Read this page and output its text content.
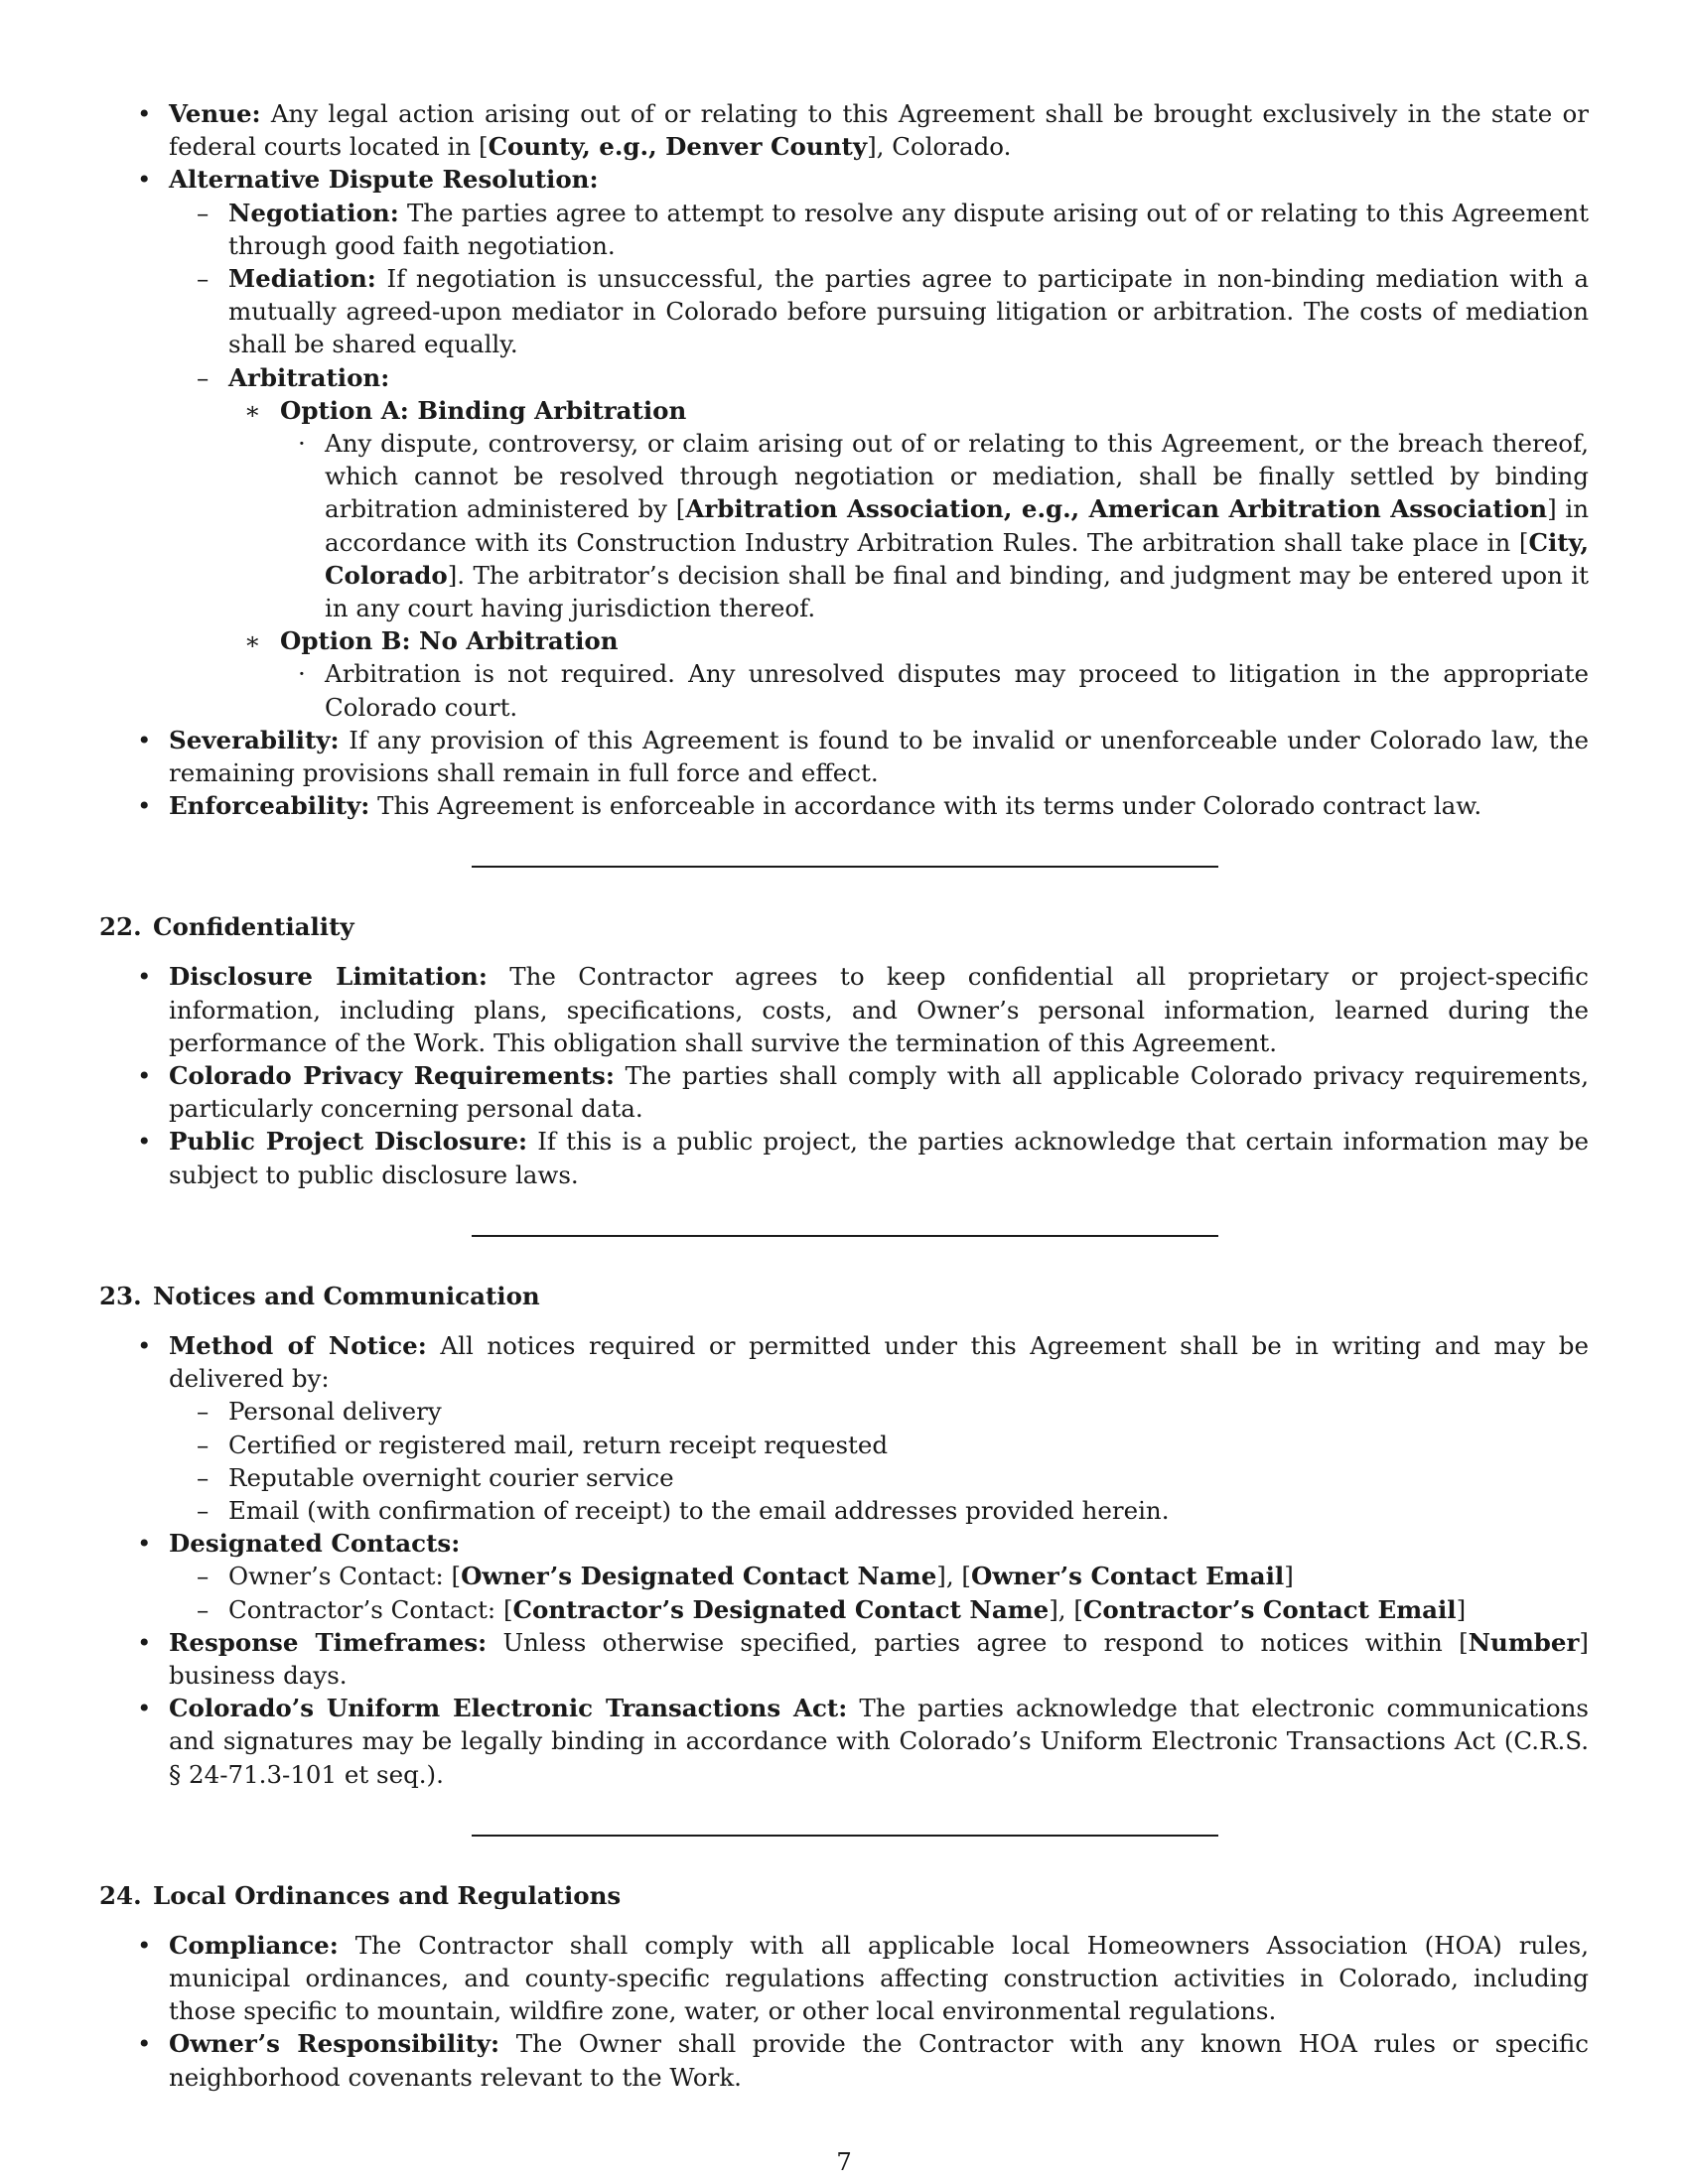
• Venue: Any legal action arising out of or relating to this Agreement shall be brought exclusively in the state or federal courts located in [County, e.g., Denver County], Colorado.
• Alternative Dispute Resolution:
– Negotiation: The parties agree to attempt to resolve any dispute arising out of or relating to this Agreement through good faith negotiation.
– Mediation: If negotiation is unsuccessful, the parties agree to participate in non-binding mediation with a mutually agreed-upon mediator in Colorado before pursuing litigation or arbitration. The costs of mediation shall be shared equally.
– Arbitration:
∗ Option A: Binding Arbitration
· Any dispute, controversy, or claim arising out of or relating to this Agreement, or the breach thereof, which cannot be resolved through negotiation or mediation, shall be finally settled by binding arbitration administered by [Arbitration Association, e.g., American Arbitration Association] in accordance with its Construction Industry Arbitration Rules. The arbitration shall take place in [City, Colorado]. The arbitrator’s decision shall be final and binding, and judgment may be entered upon it in any court having jurisdiction thereof.
∗ Option B: No Arbitration
· Arbitration is not required. Any unresolved disputes may proceed to litigation in the appropriate Colorado court.
• Severability: If any provision of this Agreement is found to be invalid or unenforceable under Colorado law, the remaining provisions shall remain in full force and effect.
• Enforceability: This Agreement is enforceable in accordance with its terms under Colorado contract law.
22. Confidentiality
• Disclosure Limitation: The Contractor agrees to keep confidential all proprietary or project-specific information, including plans, specifications, costs, and Owner’s personal information, learned during the performance of the Work. This obligation shall survive the termination of this Agreement.
• Colorado Privacy Requirements: The parties shall comply with all applicable Colorado privacy requirements, particularly concerning personal data.
• Public Project Disclosure: If this is a public project, the parties acknowledge that certain information may be subject to public disclosure laws.
23. Notices and Communication
• Method of Notice: All notices required or permitted under this Agreement shall be in writing and may be delivered by:
– Personal delivery
– Certified or registered mail, return receipt requested
– Reputable overnight courier service
– Email (with confirmation of receipt) to the email addresses provided herein.
• Designated Contacts:
– Owner’s Contact: [Owner’s Designated Contact Name], [Owner’s Contact Email]
– Contractor’s Contact: [Contractor’s Designated Contact Name], [Contractor’s Contact Email]
• Response Timeframes: Unless otherwise specified, parties agree to respond to notices within [Number] business days.
• Colorado’s Uniform Electronic Transactions Act: The parties acknowledge that electronic communications and signatures may be legally binding in accordance with Colorado’s Uniform Electronic Transactions Act (C.R.S. § 24-71.3-101 et seq.).
24. Local Ordinances and Regulations
• Compliance: The Contractor shall comply with all applicable local Homeowners Association (HOA) rules, municipal ordinances, and county-specific regulations affecting construction activities in Colorado, including those specific to mountain, wildfire zone, water, or other local environmental regulations.
• Owner’s Responsibility: The Owner shall provide the Contractor with any known HOA rules or specific neighborhood covenants relevant to the Work.
7
